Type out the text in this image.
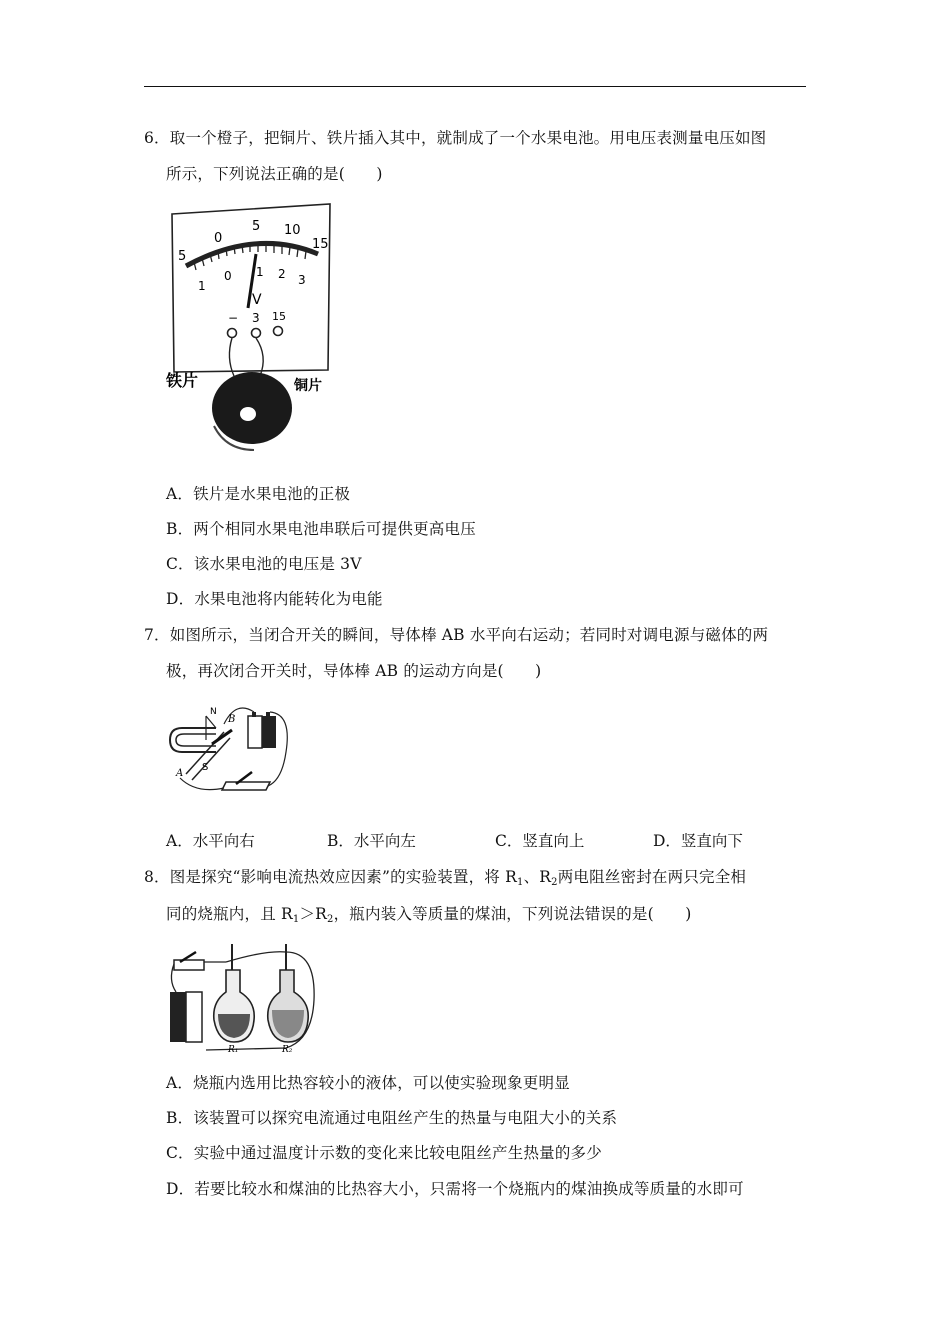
6．取一个橙子，把铜片、铁片插入其中，就制成了一个水果电池。用电压表测量电压如图
所示，下列说法正确的是(　　)
5
0
5 10
15
1
0 1 2 3
V
− 3 15
铁片	铜片
A．铁片是水果电池的正极
B．两个相同水果电池串联后可提供更高电压
C．该水果电池的电压是 3V
D．水果电池将内能转化为电能
7．如图所示，当闭合开关的瞬间，导体棒 AB 水平向右运动；若同时对调电源与磁体的两
极，再次闭合开关时，导体棒 AB 的运动方向是(　　)
N
B
S
A
A．水平向右	B．水平向左	C．竖直向上	D．竖直向下
8．图是探究“影响电流热效应因素”的实验装置，将 $R_1$、$R_2$两电阻丝密封在两只完全相
同的烧瓶内，且 $R_1>R_2$，瓶内装入等质量的煤油，下列说法错误的是(　　)
R₁	R₂
A．烧瓶内选用比热容较小的液体，可以使实验现象更明显
B．该装置可以探究电流通过电阻丝产生的热量与电阻大小的关系
C．实验中通过温度计示数的变化来比较电阻丝产生热量的多少
D．若要比较水和煤油的比热容大小，只需将一个烧瓶内的煤油换成等质量的水即可
